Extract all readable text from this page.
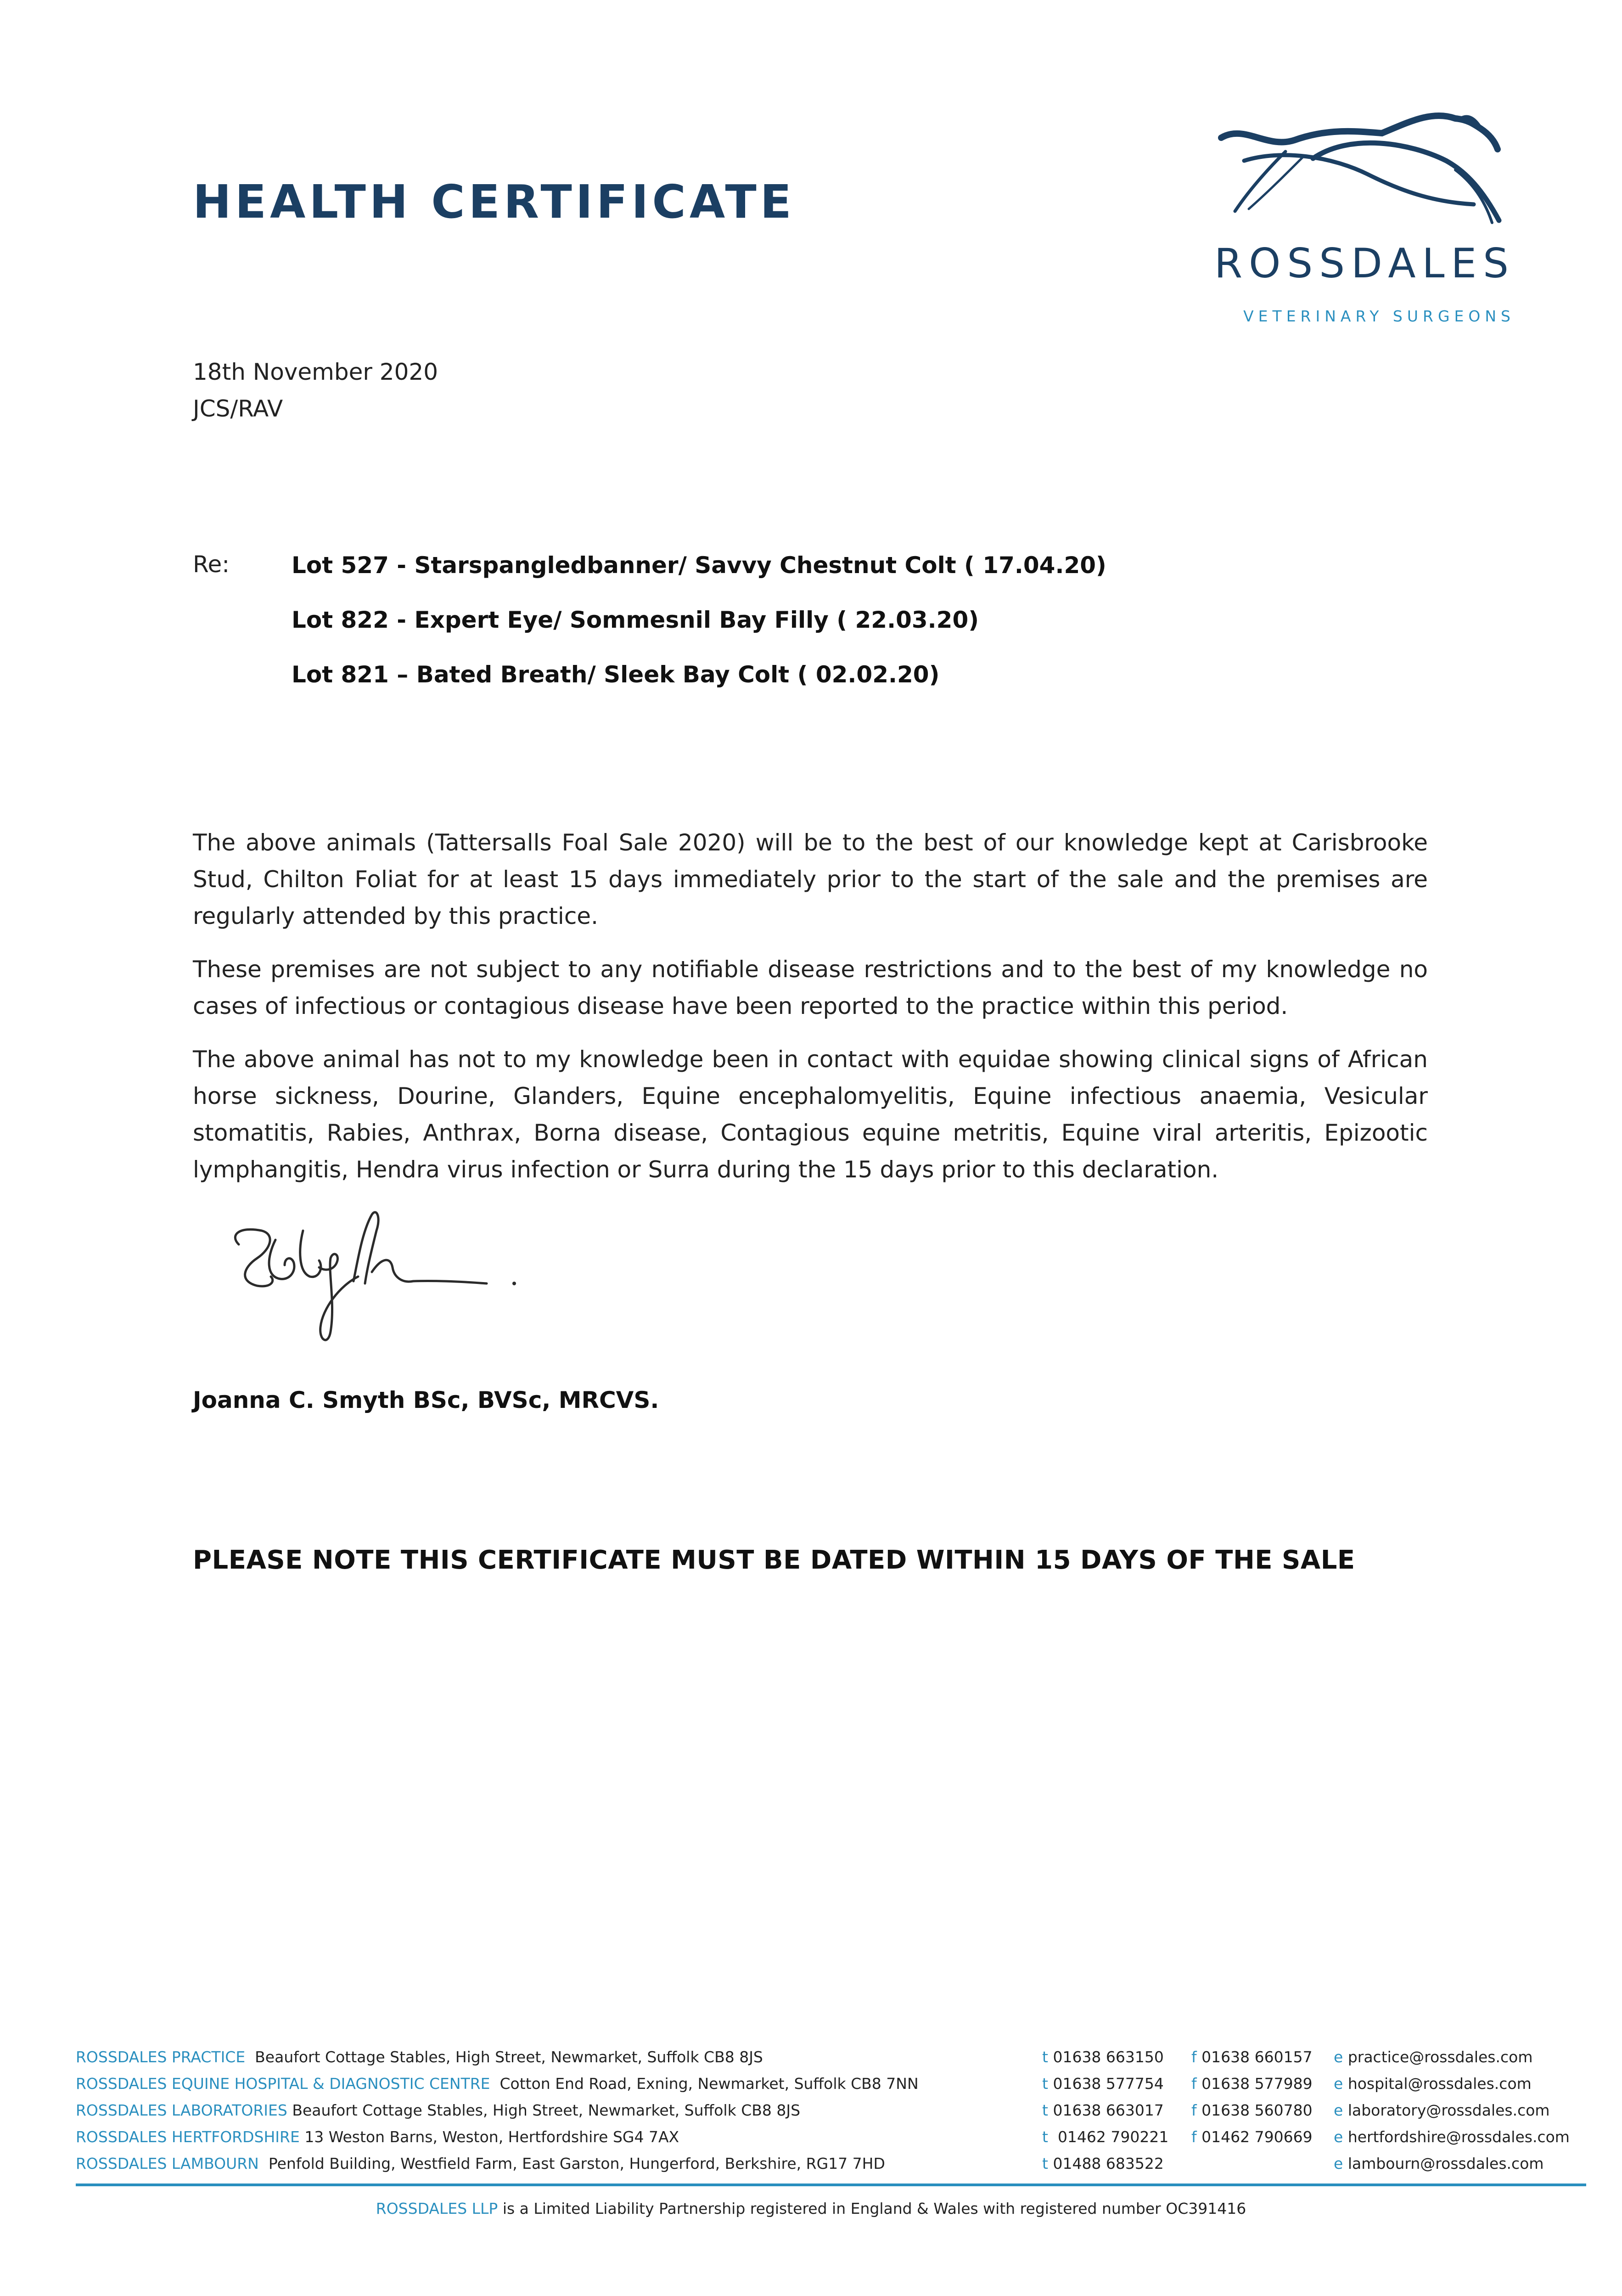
HEALTH CERTIFICATE
ROSSDALES
VETERINARY SURGEONS
18th November 2020
JCS/RAV
Re:	Lot 527 - Starspangledbanner/ Savvy Chestnut Colt ( 17.04.20)
Lot 822 - Expert Eye/ Sommesnil Bay Filly ( 22.03.20)
Lot 821 – Bated Breath/ Sleek Bay Colt ( 02.02.20)

The above animals (Tattersalls Foal Sale 2020) will be to the best of our knowledge kept at Carisbrooke Stud, Chilton Foliat for at least 15 days immediately prior to the start of the sale and the premises are regularly attended by this practice.

These premises are not subject to any notifiable disease restrictions and to the best of my knowledge no cases of infectious or contagious disease have been reported to the practice within this period.

The above animal has not to my knowledge been in contact with equidae showing clinical signs of African horse sickness, Dourine, Glanders, Equine encephalomyelitis, Equine infectious anaemia, Vesicular stomatitis, Rabies, Anthrax, Borna disease, Contagious equine metritis, Equine viral arteritis, Epizootic lymphangitis, Hendra virus infection or Surra during the 15 days prior to this declaration.

Joanna C. Smyth BSc, BVSc, MRCVS.
PLEASE NOTE THIS CERTIFICATE MUST BE DATED WITHIN 15 DAYS OF THE SALE
ROSSDALES PRACTICE Beaufort Cottage Stables, High Street, Newmarket, Suffolk CB8 8JS	t 01638 663150 f 01638 660157 e practice@rossdales.com
ROSSDALES EQUINE HOSPITAL & DIAGNOSTIC CENTRE Cotton End Road, Exning, Newmarket, Suffolk CB8 7NN	t 01638 577754 f 01638 577989 e hospital@rossdales.com
ROSSDALES LABORATORIES Beaufort Cottage Stables, High Street, Newmarket, Suffolk CB8 8JS	t 01638 663017 f 01638 560780 e laboratory@rossdales.com
ROSSDALES HERTFORDSHIRE 13 Weston Barns, Weston, Hertfordshire SG4 7AX	t 01462 790221 f 01462 790669 e hertfordshire@rossdales.com
ROSSDALES LAMBOURN Penfold Building, Westfield Farm, East Garston, Hungerford, Berkshire, RG17 7HD	t 01488 683522	e lambourn@rossdales.com
ROSSDALES LLP is a Limited Liability Partnership registered in England & Wales with registered number OC391416
